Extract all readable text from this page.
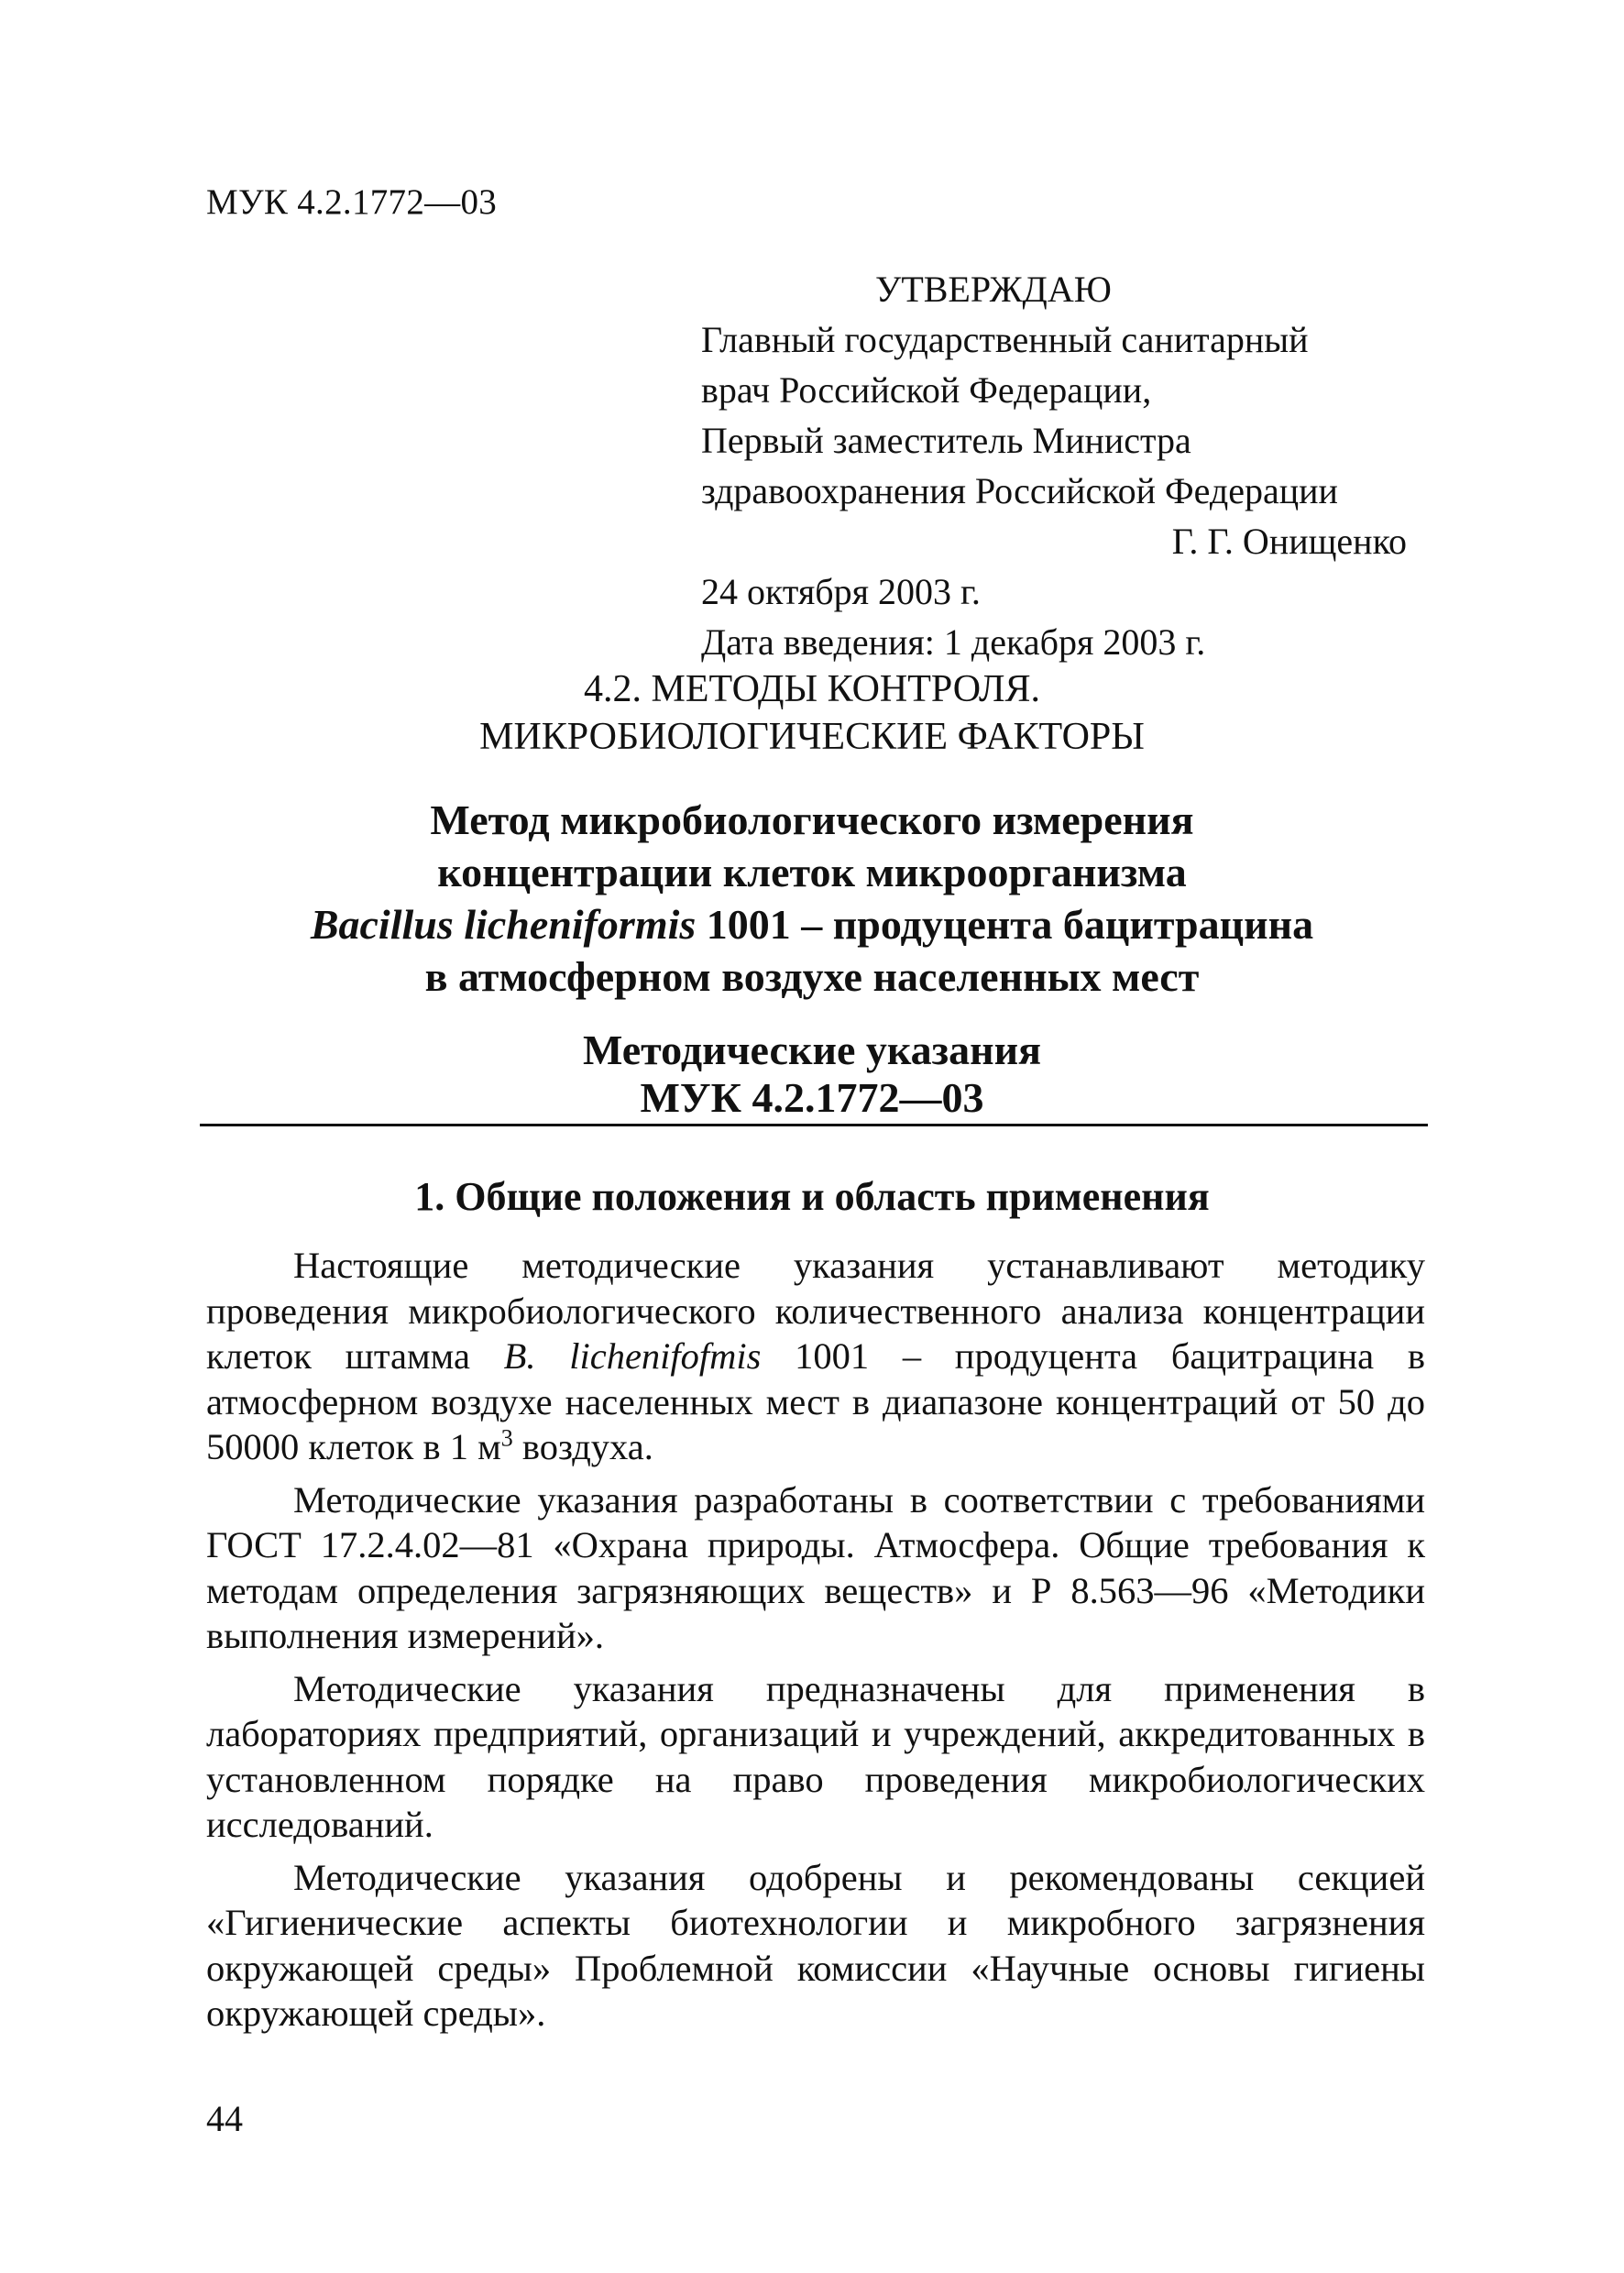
МУК 4.2.1772—03
УТВЕРЖДАЮ
Главный государственный санитарный
врач Российской Федерации,
Первый заместитель Министра
здравоохранения Российской Федерации
Г. Г. Онищенко
24 октября 2003 г.
Дата введения: 1 декабря 2003 г.
4.2. МЕТОДЫ КОНТРОЛЯ.
МИКРОБИОЛОГИЧЕСКИЕ ФАКТОРЫ
Метод микробиологического измерения
концентрации клеток микроорганизма
Bacillus licheniformis 1001 – продуцента бацитрацина
в атмосферном воздухе населенных мест
Методические указания
МУК 4.2.1772—03
1. Общие положения и область применения

Настоящие методические указания устанавливают методику проведения микробиологического количественного анализа концентрации клеток штамма B. lichenifofmis 1001 – продуцента бацитрацина в атмосферном воздухе населенных мест в диапазоне концентраций от 50 до 50000 клеток в 1 $м^3$ воздуха.

Методические указания разработаны в соответствии с требованиями ГОСТ 17.2.4.02—81 «Охрана природы. Атмосфера. Общие требования к методам определения загрязняющих веществ» и Р 8.563—96 «Методики выполнения измерений».

Методические указания предназначены для применения в лабораториях предприятий, организаций и учреждений, аккредитованных в установленном порядке на право проведения микробиологических исследований.

Методические указания одобрены и рекомендованы секцией «Гигиенические аспекты биотехнологии и микробного загрязнения окружающей среды» Проблемной комиссии «Научные основы гигиены окружающей среды».

44
